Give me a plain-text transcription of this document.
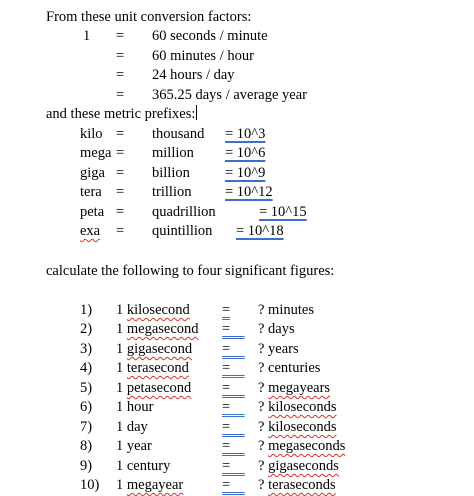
From these unit conversion factors:
1 = 60 seconds / minute
= 60 minutes / hour
= 24 hours / day
= 365.25 days / average year
and these metric prefixes:
kilo = thousand = 10^3
mega = million = 10^6
giga = billion = 10^9
tera = trillion = 10^12
peta = quadrillion	= 10^15
exa = quintillion = 10^18
calculate the following to four significant figures:
1) 1 kilosecond = ? minutes
2) 1 megasecond = ? days
3) 1 gigasecond = ? years
4) 1 terasecond = ? centuries
5) 1 petasecond = ? megayears
6) 1 hour	= ? kiloseconds
7) 1 day	= ? kiloseconds
8) 1 year	= ? megaseconds
9) 1 century	= ? gigaseconds
10) 1 megayear	= ? teraseconds
